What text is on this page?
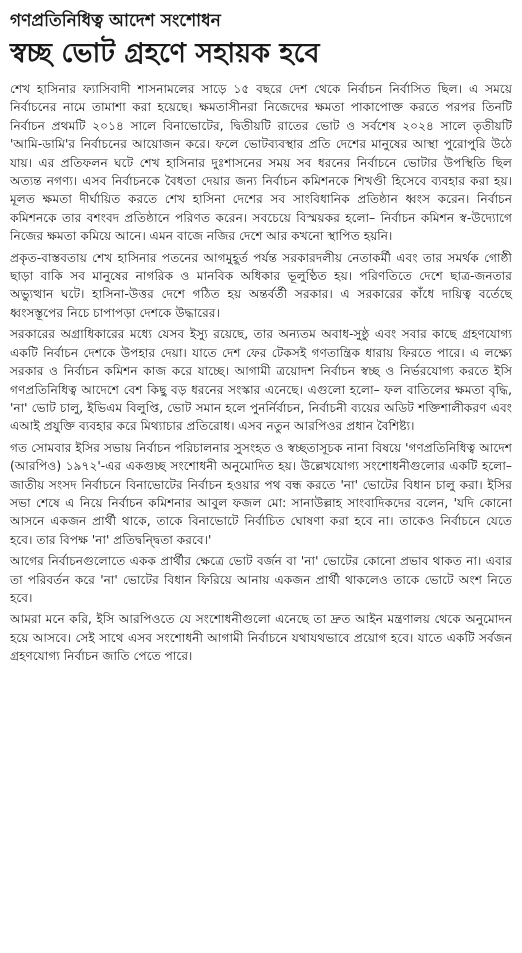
গণপ্রতিনিধিত্ব আদেশ সংশোধন
স্বচ্ছ ভোট গ্রহণে সহায়ক হবে

শেখ হাসিনার ফ্যাসিবাদী শাসনামলের সাড়ে ১৫ বছরে দেশ থেকে নির্বাচন নির্বাসিত ছিল। এ সময়ে নির্বাচনের নামে তামাশা করা হয়েছে। ক্ষমতাসীনরা নিজেদের ক্ষমতা পাকাপোক্ত করতে পরপর তিনটি নির্বাচন প্রথমটি ২০১৪ সালে বিনাভোটের, দ্বিতীয়টি রাতের ভোট ও সর্বশেষ ২০২৪ সালে তৃতীয়টি 'আমি-ডামি'র নির্বাচনের আয়োজন করে। ফলে ভোটব্যবস্থার প্রতি দেশের মানুষের আস্থা পুরোপুরি উঠে যায়। এর প্রতিফলন ঘটে শেখ হাসিনার দুঃশাসনের সময় সব ধরনের নির্বাচনে ভোটার উপস্থিতি ছিল অত্যন্ত নগণ্য। এসব নির্বাচনকে বৈধতা দেয়ার জন্য নির্বাচন কমিশনকে শিখণ্ডী হিসেবে ব্যবহার করা হয়। মূলত ক্ষমতা দীর্ঘায়িত করতে শেখ হাসিনা দেশের সব সাংবিধানিক প্রতিষ্ঠান ধ্বংস করেন। নির্বাচন কমিশনকে তার বশংবদ প্রতিষ্ঠানে পরিণত করেন। সবচেয়ে বিস্ময়কর হলো– নির্বাচন কমিশন স্ব-উদ্যোগে নিজের ক্ষমতা কমিয়ে আনে। এমন বাজে নজির দেশে আর কখনো স্থাপিত হয়নি।

প্রকৃত-বাস্তবতায় শেখ হাসিনার পতনের আগমুহূর্ত পর্যন্ত সরকারদলীয় নেতাকর্মী এবং তার সমর্থক গোষ্ঠী ছাড়া বাকি সব মানুষের নাগরিক ও মানবিক অধিকার ভূলুণ্ঠিত হয়। পরিণতিতে দেশে ছাত্র-জনতার অভ্যুত্থান ঘটে। হাসিনা-উত্তর দেশে গঠিত হয় অন্তর্বর্তী সরকার। এ সরকারের কাঁধে দায়িত্ব বর্তেছে ধ্বংসস্তূপের নিচে চাপাপড়া দেশকে উদ্ধারের।

সরকারের অগ্রাধিকারের মধ্যে যেসব ইস্যু রয়েছে, তার অন্যতম অবাধ-সুষ্ঠু এবং সবার কাছে গ্রহণযোগ্য একটি নির্বাচন দেশকে উপহার দেয়া। যাতে দেশ ফের টেকসই গণতান্ত্রিক ধারায় ফিরতে পারে। এ লক্ষ্যে সরকার ও নির্বাচন কমিশন কাজ করে যাচ্ছে। আগামী ত্রয়োদশ নির্বাচন স্বচ্ছ ও নির্ভরযোগ্য করতে ইসি গণপ্রতিনিধিত্ব আদেশে বেশ কিছু বড় ধরনের সংস্কার এনেছে। এগুলো হলো– ফল বাতিলের ক্ষমতা বৃদ্ধি, 'না' ভোট চালু, ইভিএম বিলুপ্তি, ভোট সমান হলে পুনর্নির্বাচন, নির্বাচনী ব্যয়ের অডিট শক্তিশালীকরণ এবং এআই প্রযুক্তি ব্যবহার করে মিথ্যাচার প্রতিরোধ। এসব নতুন আরপিওর প্রধান বৈশিষ্ট্য।

গত সোমবার ইসির সভায় নির্বাচন পরিচালনার সুসংহত ও স্বচ্ছতাসূচক নানা বিষয়ে 'গণপ্রতিনিধিত্ব আদেশ (আরপিও) ১৯৭২'-এর একগুচ্ছ সংশোধনী অনুমোদিত হয়। উল্লেখযোগ্য সংশোধনীগুলোর একটি হলো– জাতীয় সংসদ নির্বাচনে বিনাভোটের নির্বাচন হওয়ার পথ বন্ধ করতে 'না' ভোটের বিধান চালু করা। ইসির সভা শেষে এ নিয়ে নির্বাচন কমিশনার আবুল ফজল মো: সানাউল্লাহ সাংবাদিকদের বলেন, 'যদি কোনো আসনে একজন প্রার্থী থাকে, তাকে বিনাভোটে নির্বাচিত ঘোষণা করা হবে না। তাকেও নির্বাচনে যেতে হবে। তার বিপক্ষ 'না' প্রতিদ্বন্দ্বিতা করবে।'

আগের নির্বাচনগুলোতে একক প্রার্থীর ক্ষেত্রে ভোট বর্জন বা 'না' ভোটের কোনো প্রভাব থাকত না। এবার তা পরিবর্তন করে 'না' ভোটের বিধান ফিরিয়ে আনায় একজন প্রার্থী থাকলেও তাকে ভোটে অংশ নিতে হবে।

আমরা মনে করি, ইসি আরপিওতে যে সংশোধনীগুলো এনেছে তা দ্রুত আইন মন্ত্রণালয় থেকে অনুমোদন হয়ে আসবে। সেই সাথে এসব সংশোধনী আগামী নির্বাচনে যথাযথভাবে প্রয়োগ হবে। যাতে একটি সর্বজন গ্রহণযোগ্য নির্বাচন জাতি পেতে পারে।
